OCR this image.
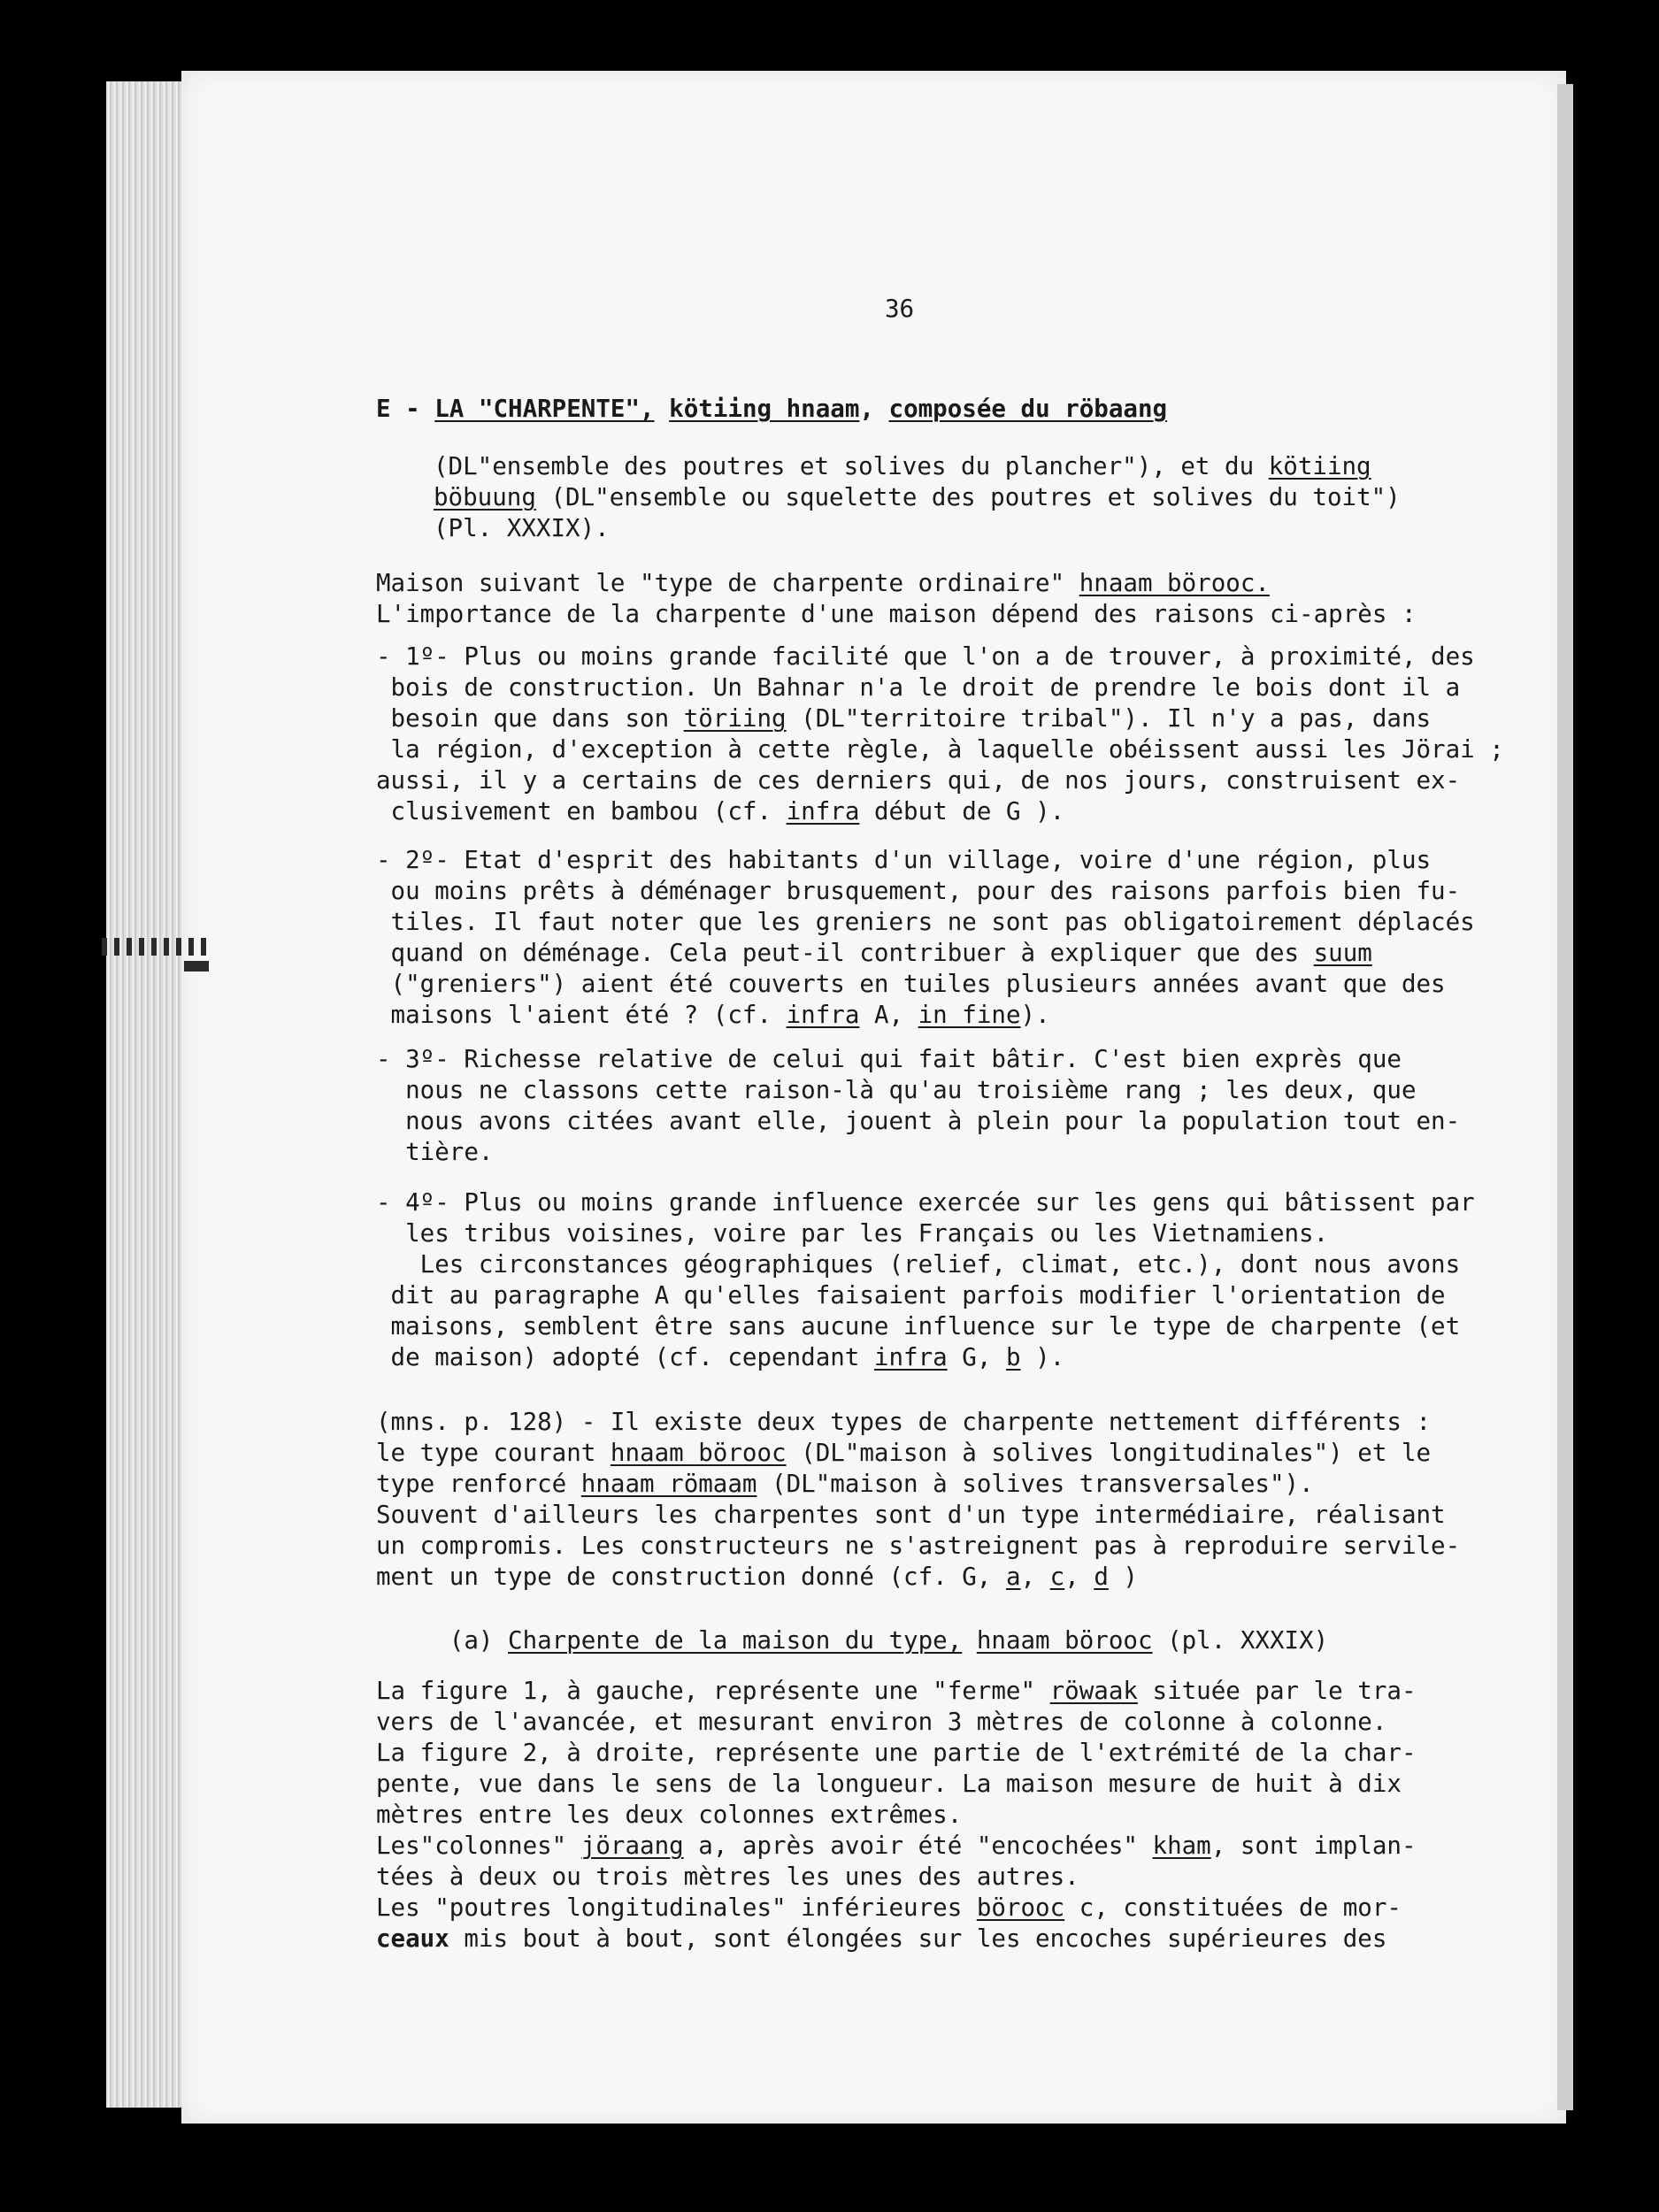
36

E - LA "CHARPENTE", kötiing hnaam, composée du röbaang

(DL"ensemble des poutres et solives du plancher"), et du kötiing

böbuung (DL"ensemble ou squelette des poutres et solives du toit")

(Pl. XXXIX).

Maison suivant le "type de charpente ordinaire" hnaam börooc.

L'importance de la charpente d'une maison dépend des raisons ci-après :

- 1º- Plus ou moins grande facilité que l'on a de trouver, à proximité, des

bois de construction. Un Bahnar n'a le droit de prendre le bois dont il a

besoin que dans son töriing (DL"territoire tribal"). Il n'y a pas, dans

la région, d'exception à cette règle, à laquelle obéissent aussi les Jörai ;

aussi, il y a certains de ces derniers qui, de nos jours, construisent ex-

clusivement en bambou (cf. infra début de G ).

- 2º- Etat d'esprit des habitants d'un village, voire d'une région, plus

ou moins prêts à déménager brusquement, pour des raisons parfois bien fu-

tiles. Il faut noter que les greniers ne sont pas obligatoirement déplacés

quand on déménage. Cela peut-il contribuer à expliquer que des suum

("greniers") aient été couverts en tuiles plusieurs années avant que des

maisons l'aient été ? (cf. infra A, in fine).

- 3º- Richesse relative de celui qui fait bâtir. C'est bien exprès que

nous ne classons cette raison-là qu'au troisième rang ; les deux, que

nous avons citées avant elle, jouent à plein pour la population tout en-

tière.

- 4º- Plus ou moins grande influence exercée sur les gens qui bâtissent par

les tribus voisines, voire par les Français ou les Vietnamiens.

Les circonstances géographiques (relief, climat, etc.), dont nous avons

dit au paragraphe A qu'elles faisaient parfois modifier l'orientation de

maisons, semblent être sans aucune influence sur le type de charpente (et

de maison) adopté (cf. cependant infra G, b ).

(mns. p. 128) - Il existe deux types de charpente nettement différents :

le type courant hnaam börooc (DL"maison à solives longitudinales") et le

type renforcé hnaam römaam (DL"maison à solives transversales").

Souvent d'ailleurs les charpentes sont d'un type intermédiaire, réalisant

un compromis. Les constructeurs ne s'astreignent pas à reproduire servile-

ment un type de construction donné (cf. G, a, c, d )

(a) Charpente de la maison du type, hnaam börooc (pl. XXXIX)

La figure 1, à gauche, représente une "ferme" röwaak située par le tra-

vers de l'avancée, et mesurant environ 3 mètres de colonne à colonne.

La figure 2, à droite, représente une partie de l'extrémité de la char-

pente, vue dans le sens de la longueur. La maison mesure de huit à dix

mètres entre les deux colonnes extrêmes.

Les"colonnes" jöraang a, après avoir été "encochées" kham, sont implan-

tées à deux ou trois mètres les unes des autres.

Les "poutres longitudinales" inférieures börooc c, constituées de mor-

ceaux mis bout à bout, sont élongées sur les encoches supérieures des
